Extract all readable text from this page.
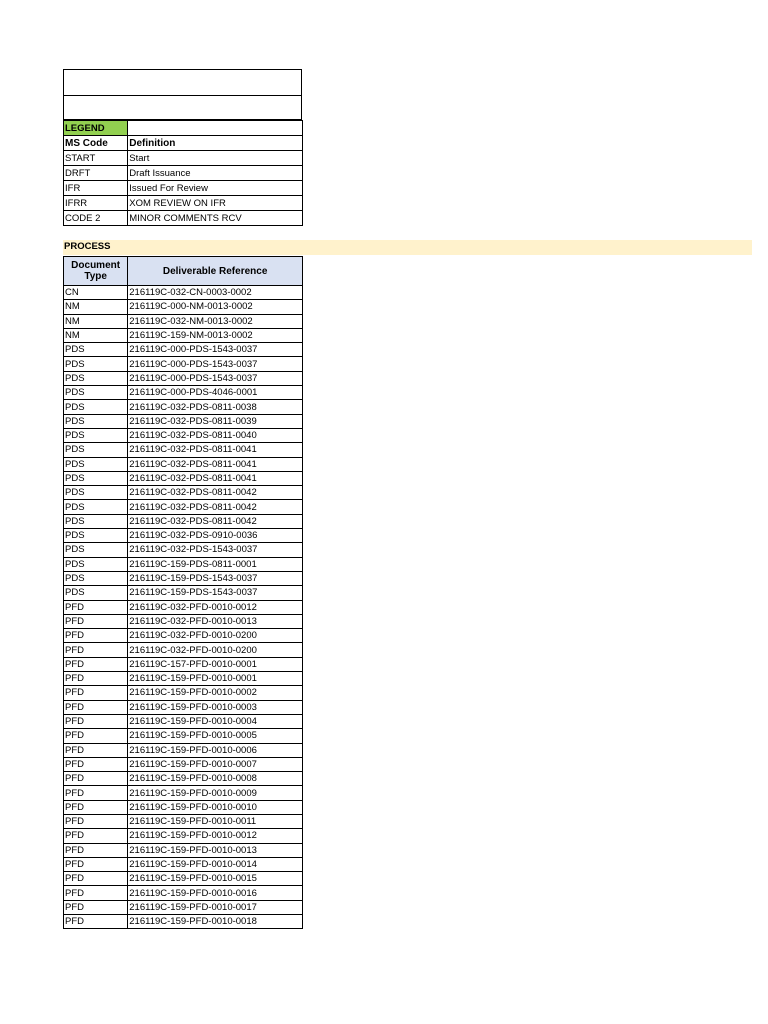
LEGEND	
MS Code	Definition
START	Start
DRFT	Draft Issuance
IFR	Issued For Review
IFRR	XOM REVIEW ON IFR
CODE 2	MINOR COMMENTS RCV
PROCESS
Document Type	Deliverable Reference
CN	216119C-032-CN-0003-0002
NM	216119C-000-NM-0013-0002
NM	216119C-032-NM-0013-0002
NM	216119C-159-NM-0013-0002
PDS	216119C-000-PDS-1543-0037
PDS	216119C-000-PDS-1543-0037
PDS	216119C-000-PDS-1543-0037
PDS	216119C-000-PDS-4046-0001
PDS	216119C-032-PDS-0811-0038
PDS	216119C-032-PDS-0811-0039
PDS	216119C-032-PDS-0811-0040
PDS	216119C-032-PDS-0811-0041
PDS	216119C-032-PDS-0811-0041
PDS	216119C-032-PDS-0811-0041
PDS	216119C-032-PDS-0811-0042
PDS	216119C-032-PDS-0811-0042
PDS	216119C-032-PDS-0811-0042
PDS	216119C-032-PDS-0910-0036
PDS	216119C-032-PDS-1543-0037
PDS	216119C-159-PDS-0811-0001
PDS	216119C-159-PDS-1543-0037
PDS	216119C-159-PDS-1543-0037
PFD	216119C-032-PFD-0010-0012
PFD	216119C-032-PFD-0010-0013
PFD	216119C-032-PFD-0010-0200
PFD	216119C-032-PFD-0010-0200
PFD	216119C-157-PFD-0010-0001
PFD	216119C-159-PFD-0010-0001
PFD	216119C-159-PFD-0010-0002
PFD	216119C-159-PFD-0010-0003
PFD	216119C-159-PFD-0010-0004
PFD	216119C-159-PFD-0010-0005
PFD	216119C-159-PFD-0010-0006
PFD	216119C-159-PFD-0010-0007
PFD	216119C-159-PFD-0010-0008
PFD	216119C-159-PFD-0010-0009
PFD	216119C-159-PFD-0010-0010
PFD	216119C-159-PFD-0010-0011
PFD	216119C-159-PFD-0010-0012
PFD	216119C-159-PFD-0010-0013
PFD	216119C-159-PFD-0010-0014
PFD	216119C-159-PFD-0010-0015
PFD	216119C-159-PFD-0010-0016
PFD	216119C-159-PFD-0010-0017
PFD	216119C-159-PFD-0010-0018
